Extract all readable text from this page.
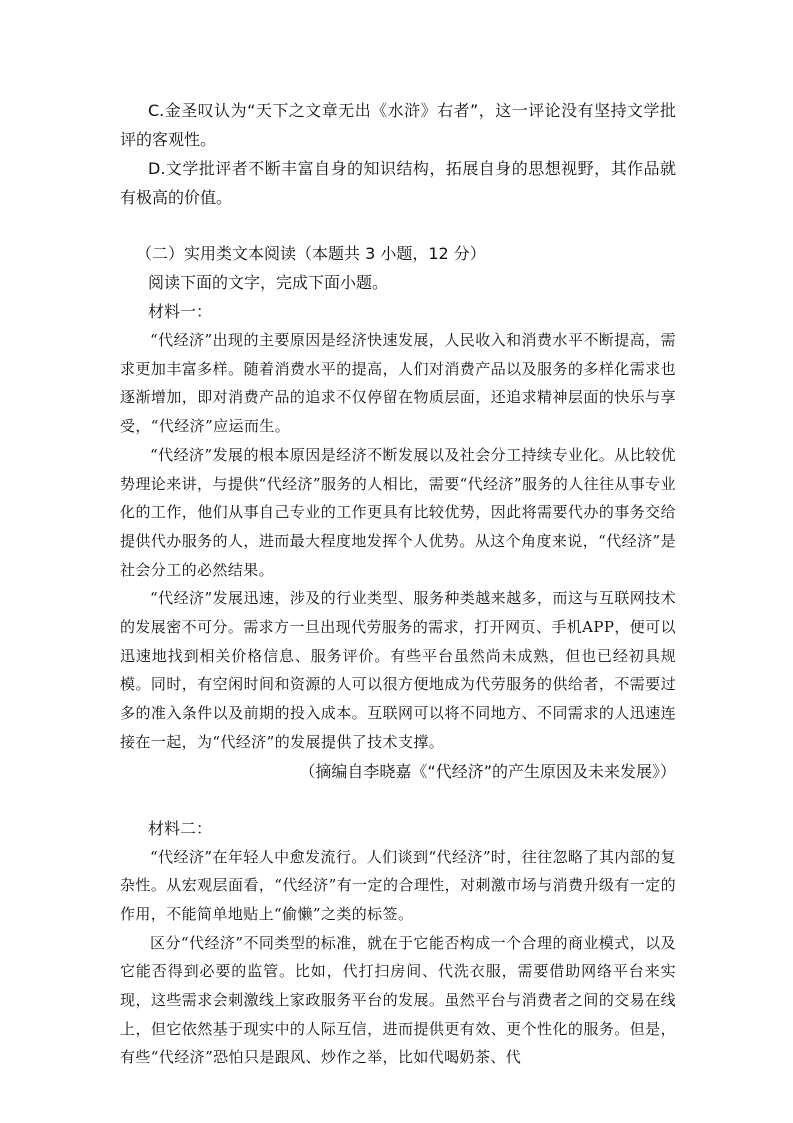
C.金圣叹认为“天下之文章无出《水浒》右者”，这一评论没有坚持文学批评的客观性。

D.文学批评者不断丰富自身的知识结构，拓展自身的思想视野，其作品就有极高的价值。

（二）实用类文本阅读（本题共 3 小题，12 分）

阅读下面的文字，完成下面小题。

材料一：

“代经济”出现的主要原因是经济快速发展，人民收入和消费水平不断提高，需求更加丰富多样。随着消费水平的提高，人们对消费产品以及服务的多样化需求也逐渐增加，即对消费产品的追求不仅停留在物质层面，还追求精神层面的快乐与享受，“代经济”应运而生。

“代经济”发展的根本原因是经济不断发展以及社会分工持续专业化。从比较优势理论来讲，与提供“代经济”服务的人相比，需要“代经济”服务的人往往从事专业化的工作，他们从事自己专业的工作更具有比较优势，因此将需要代办的事务交给提供代办服务的人，进而最大程度地发挥个人优势。从这个角度来说，“代经济”是社会分工的必然结果。

“代经济”发展迅速，涉及的行业类型、服务种类越来越多，而这与互联网技术的发展密不可分。需求方一旦出现代劳服务的需求，打开网页、手机APP，便可以迅速地找到相关价格信息、服务评价。有些平台虽然尚未成熟，但也已经初具规模。同时，有空闲时间和资源的人可以很方便地成为代劳服务的供给者，不需要过多的准入条件以及前期的投入成本。互联网可以将不同地方、不同需求的人迅速连接在一起，为“代经济”的发展提供了技术支撑。

（摘编自李晓嘉《“代经济”的产生原因及未来发展》）

材料二：

“代经济”在年轻人中愈发流行。人们谈到“代经济”时，往往忽略了其内部的复杂性。从宏观层面看，“代经济”有一定的合理性，对刺激市场与消费升级有一定的作用，不能简单地贴上“偷懒”之类的标签。

区分“代经济”不同类型的标准，就在于它能否构成一个合理的商业模式，以及它能否得到必要的监管。比如，代打扫房间、代洗衣服，需要借助网络平台来实现，这些需求会刺激线上家政服务平台的发展。虽然平台与消费者之间的交易在线上，但它依然基于现实中的人际互信，进而提供更有效、更个性化的服务。但是，有些“代经济”恐怕只是跟风、炒作之举，比如代喝奶茶、代
